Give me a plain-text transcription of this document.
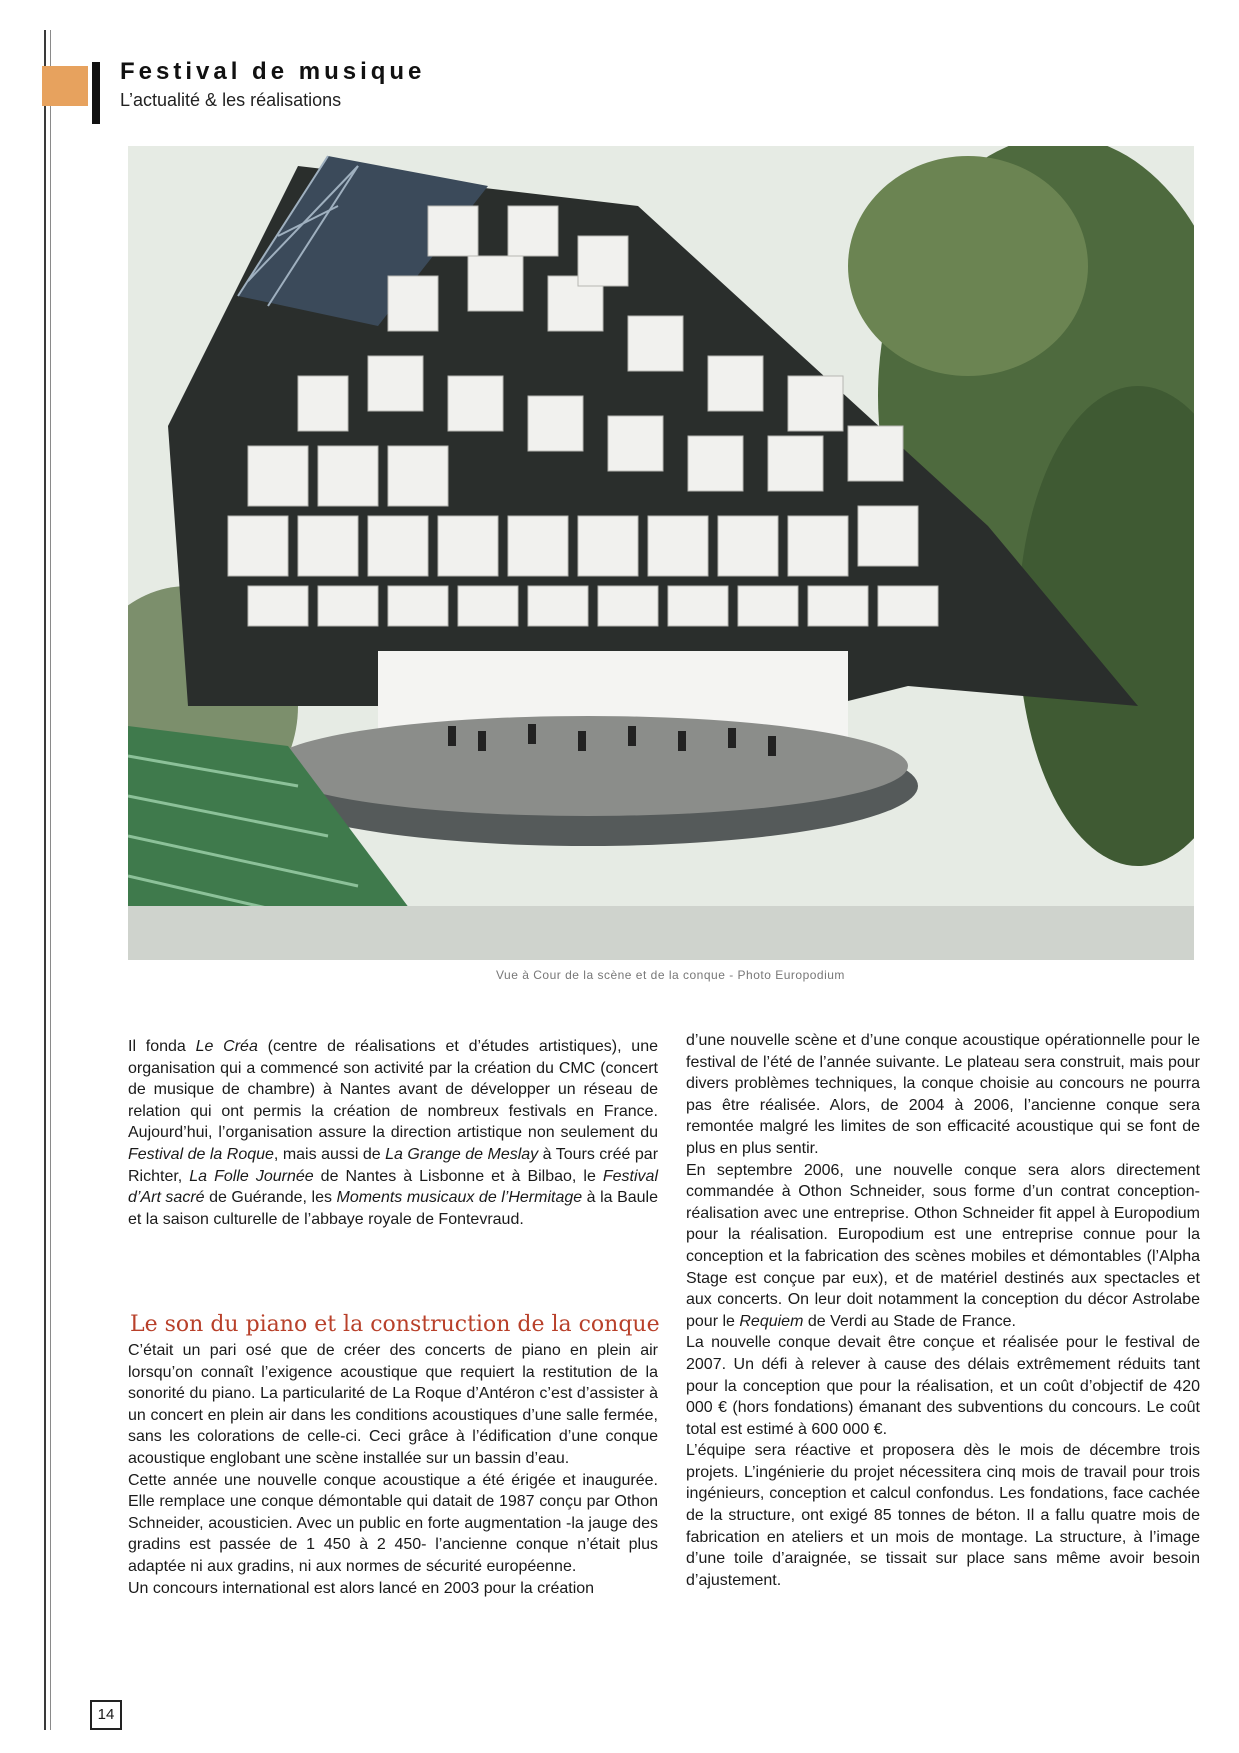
Festival de musique
L’actualité & les réalisations
Vue à Cour de la scène et de la conque - Photo Europodium

Il fonda Le Créa (centre de réalisations et d’études artistiques), une organisation qui a commencé son activité par la création du CMC (concert de musique de chambre) à Nantes avant de développer un réseau de relation qui ont permis la création de nombreux festivals en France. Aujourd’hui, l’organisation assure la direction artistique non seulement du Festival de la Roque, mais aussi de La Grange de Meslay à Tours créé par Richter, La Folle Journée de Nantes à Lisbonne et à Bilbao, le Festival d’Art sacré de Guérande, les Moments musicaux de l’Hermitage à la Baule et la saison culturelle de l’abbaye royale de Fontevraud.

Le son du piano et la construction de la conque

C’était un pari osé que de créer des concerts de piano en plein air lorsqu’on connaît l’exigence acoustique que requiert la restitution de la sonorité du piano. La particularité de La Roque d’Antéron c’est d’assister à un concert en plein air dans les conditions acoustiques d’une salle fermée, sans les colorations de celle-ci. Ceci grâce à l’édification d’une conque acoustique englobant une scène installée sur un bassin d’eau.

Cette année une nouvelle conque acoustique a été érigée et inaugurée. Elle remplace une conque démontable qui datait de 1987 conçu par Othon Schneider, acousticien. Avec un public en forte augmentation -la jauge des gradins est passée de 1 450 à 2 450- l’ancienne conque n’était plus adaptée ni aux gradins, ni aux normes de sécurité européenne.

Un concours international est alors lancé en 2003 pour la création

d’une nouvelle scène et d’une conque acoustique opérationnelle pour le festival de l’été de l’année suivante. Le plateau sera construit, mais pour divers problèmes techniques, la conque choisie au concours ne pourra pas être réalisée. Alors, de 2004 à 2006, l’ancienne conque sera remontée malgré les limites de son efficacité acoustique qui se font de plus en plus sentir.

En septembre 2006, une nouvelle conque sera alors directement commandée à Othon Schneider, sous forme d’un contrat conception-réalisation avec une entreprise. Othon Schneider fit appel à Europodium pour la réalisation. Europodium est une entreprise connue pour la conception et la fabrication des scènes mobiles et démontables (l’Alpha Stage est conçue par eux), et de matériel destinés aux spectacles et aux concerts. On leur doit notamment la conception du décor Astrolabe pour le Requiem de Verdi au Stade de France.

La nouvelle conque devait être conçue et réalisée pour le festival de 2007. Un défi à relever à cause des délais extrêmement réduits tant pour la conception que pour la réalisation, et un coût d’objectif de 420 000 € (hors fondations) émanant des subventions du concours. Le coût total est estimé à 600 000 €.

L’équipe sera réactive et proposera dès le mois de décembre trois projets. L’ingénierie du projet nécessitera cinq mois de travail pour trois ingénieurs, conception et calcul confondus. Les fondations, face cachée de la structure, ont exigé 85 tonnes de béton. Il a fallu quatre mois de fabrication en ateliers et un mois de montage. La structure, à l’image d’une toile d’araignée, se tissait sur place sans même avoir besoin d’ajustement.

14
